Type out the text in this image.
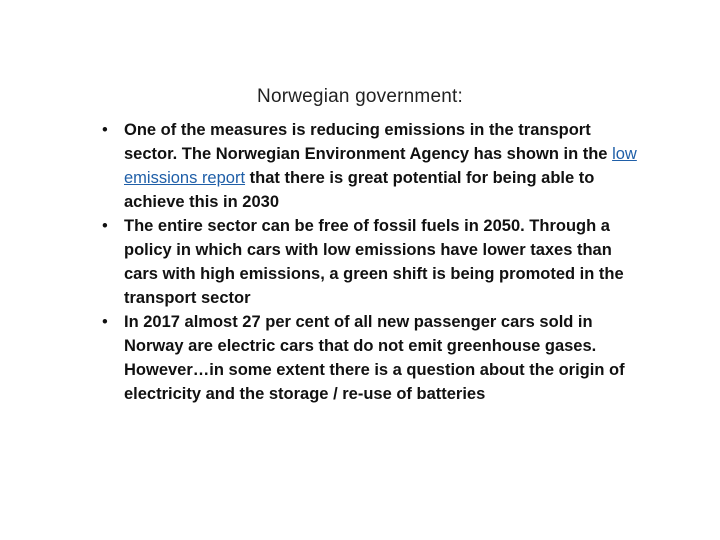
Norwegian government:
• One of the measures is reducing emissions in the transport sector. The Norwegian Environment Agency has shown in the low emissions report that there is great potential for being able to achieve this in 2030
• The entire sector can be free of fossil fuels in 2050. Through a policy in which cars with low emissions have lower taxes than cars with high emissions, a green shift is being promoted in the transport sector
• In 2017 almost 27 per cent of all new passenger cars sold in Norway are electric cars that do not emit greenhouse gases. However…in some extent there is a question about the origin of electricity and the storage / re-use of batteries
